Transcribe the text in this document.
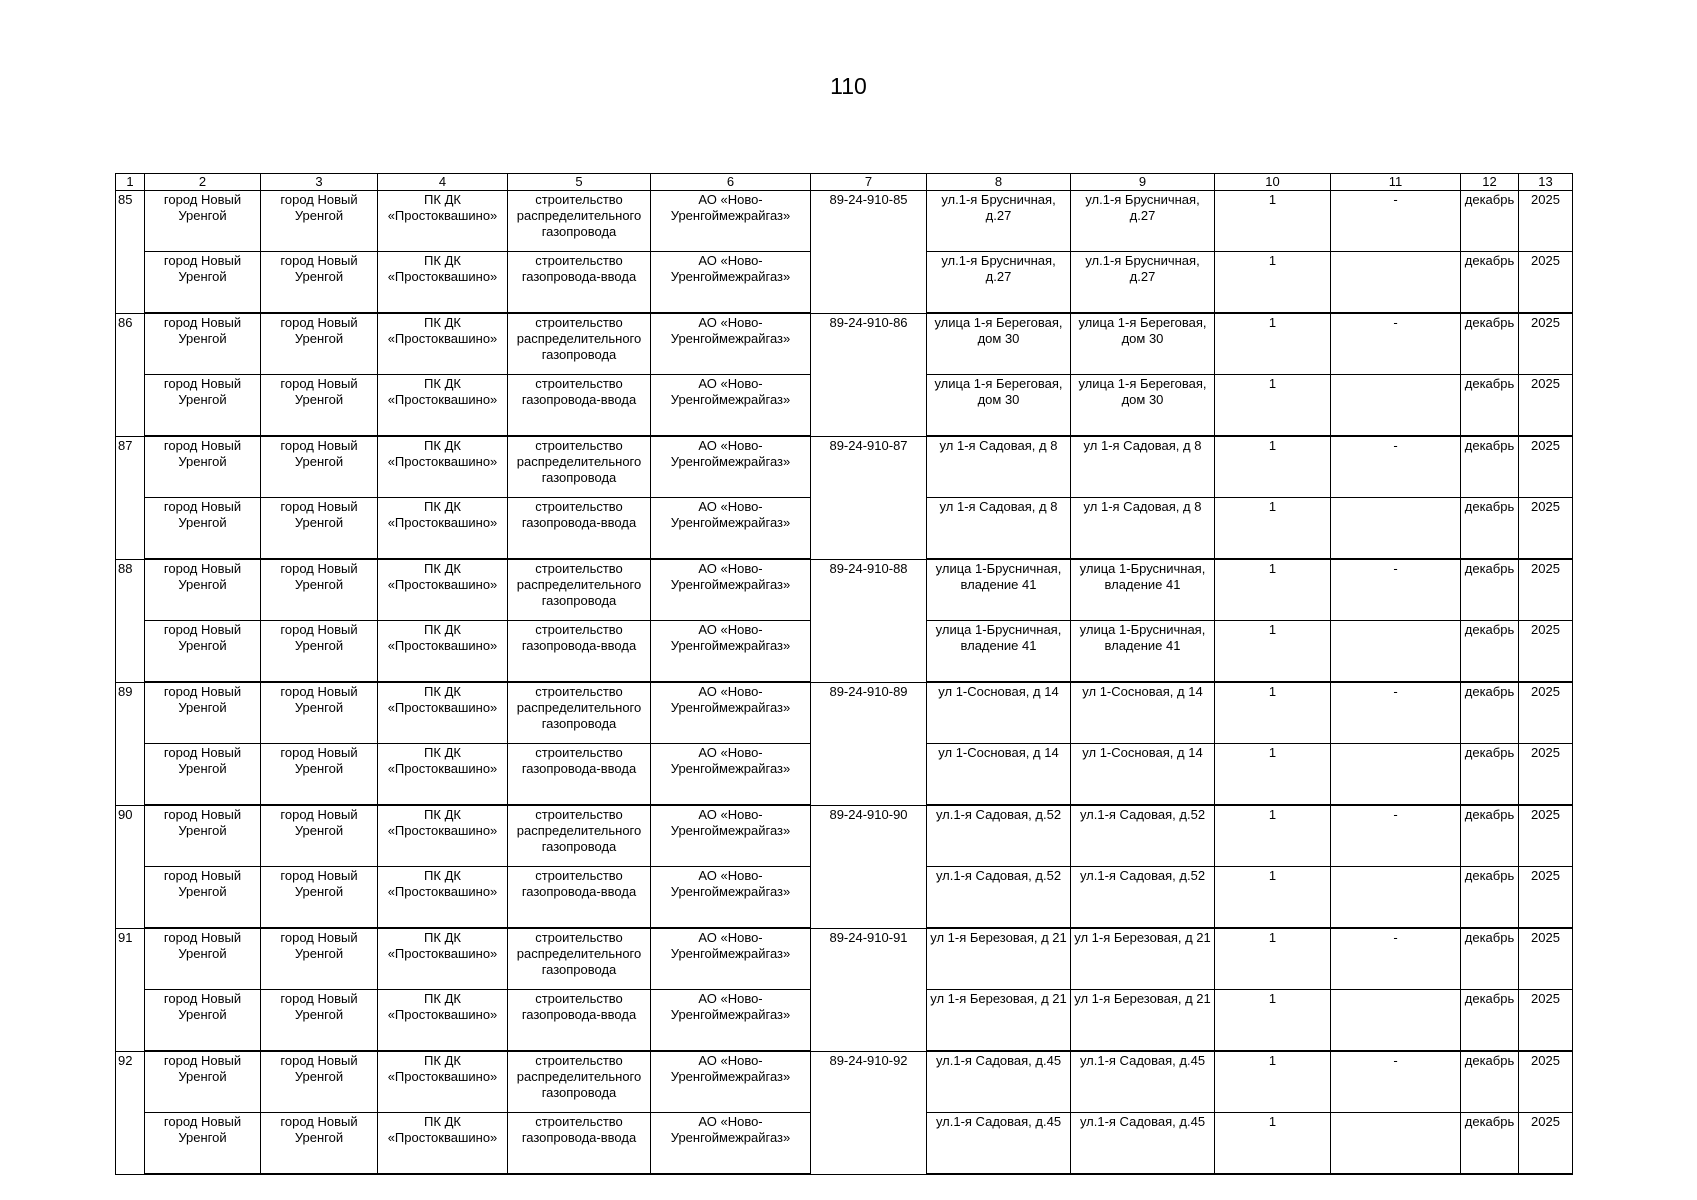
110
1	2	3	4	5	6	7	8	9	10	11	12	13
85	город Новый Уренгой	город Новый Уренгой	ПК ДК «Простоквашино»	строительство распределительного газопровода	АО «Ново-Уренгоймежрайгаз»	89-24-910-85	ул.1-я Брусничная, д.27	ул.1-я Брусничная, д.27	1	-	декабрь	2025
	город Новый Уренгой	город Новый Уренгой	ПК ДК «Простоквашино»	строительство газопровода-ввода	АО «Ново-Уренгоймежрайгаз»		ул.1-я Брусничная, д.27	ул.1-я Брусничная, д.27	1		декабрь	2025
86	город Новый Уренгой	город Новый Уренгой	ПК ДК «Простоквашино»	строительство распределительного газопровода	АО «Ново-Уренгоймежрайгаз»	89-24-910-86	улица 1-я Береговая, дом 30	улица 1-я Береговая, дом 30	1	-	декабрь	2025
	город Новый Уренгой	город Новый Уренгой	ПК ДК «Простоквашино»	строительство газопровода-ввода	АО «Ново-Уренгоймежрайгаз»		улица 1-я Береговая, дом 30	улица 1-я Береговая, дом 30	1		декабрь	2025
87	город Новый Уренгой	город Новый Уренгой	ПК ДК «Простоквашино»	строительство распределительного газопровода	АО «Ново-Уренгоймежрайгаз»	89-24-910-87	ул 1-я Садовая, д 8	ул 1-я Садовая, д 8	1	-	декабрь	2025
	город Новый Уренгой	город Новый Уренгой	ПК ДК «Простоквашино»	строительство газопровода-ввода	АО «Ново-Уренгоймежрайгаз»		ул 1-я Садовая, д 8	ул 1-я Садовая, д 8	1		декабрь	2025
88	город Новый Уренгой	город Новый Уренгой	ПК ДК «Простоквашино»	строительство распределительного газопровода	АО «Ново-Уренгоймежрайгаз»	89-24-910-88	улица 1-Брусничная, владение 41	улица 1-Брусничная, владение 41	1	-	декабрь	2025
	город Новый Уренгой	город Новый Уренгой	ПК ДК «Простоквашино»	строительство газопровода-ввода	АО «Ново-Уренгоймежрайгаз»		улица 1-Брусничная, владение 41	улица 1-Брусничная, владение 41	1		декабрь	2025
89	город Новый Уренгой	город Новый Уренгой	ПК ДК «Простоквашино»	строительство распределительного газопровода	АО «Ново-Уренгоймежрайгаз»	89-24-910-89	ул 1-Сосновая, д 14	ул 1-Сосновая, д 14	1	-	декабрь	2025
	город Новый Уренгой	город Новый Уренгой	ПК ДК «Простоквашино»	строительство газопровода-ввода	АО «Ново-Уренгоймежрайгаз»		ул 1-Сосновая, д 14	ул 1-Сосновая, д 14	1		декабрь	2025
90	город Новый Уренгой	город Новый Уренгой	ПК ДК «Простоквашино»	строительство распределительного газопровода	АО «Ново-Уренгоймежрайгаз»	89-24-910-90	ул.1-я Садовая, д.52	ул.1-я Садовая, д.52	1	-	декабрь	2025
	город Новый Уренгой	город Новый Уренгой	ПК ДК «Простоквашино»	строительство газопровода-ввода	АО «Ново-Уренгоймежрайгаз»		ул.1-я Садовая, д.52	ул.1-я Садовая, д.52	1		декабрь	2025
91	город Новый Уренгой	город Новый Уренгой	ПК ДК «Простоквашино»	строительство распределительного газопровода	АО «Ново-Уренгоймежрайгаз»	89-24-910-91	ул 1-я Березовая, д 21	ул 1-я Березовая, д 21	1	-	декабрь	2025
	город Новый Уренгой	город Новый Уренгой	ПК ДК «Простоквашино»	строительство газопровода-ввода	АО «Ново-Уренгоймежрайгаз»		ул 1-я Березовая, д 21	ул 1-я Березовая, д 21	1		декабрь	2025
92	город Новый Уренгой	город Новый Уренгой	ПК ДК «Простоквашино»	строительство распределительного газопровода	АО «Ново-Уренгоймежрайгаз»	89-24-910-92	ул.1-я Садовая, д.45	ул.1-я Садовая, д.45	1	-	декабрь	2025
	город Новый Уренгой	город Новый Уренгой	ПК ДК «Простоквашино»	строительство газопровода-ввода	АО «Ново-Уренгоймежрайгаз»		ул.1-я Садовая, д.45	ул.1-я Садовая, д.45	1		декабрь	2025
